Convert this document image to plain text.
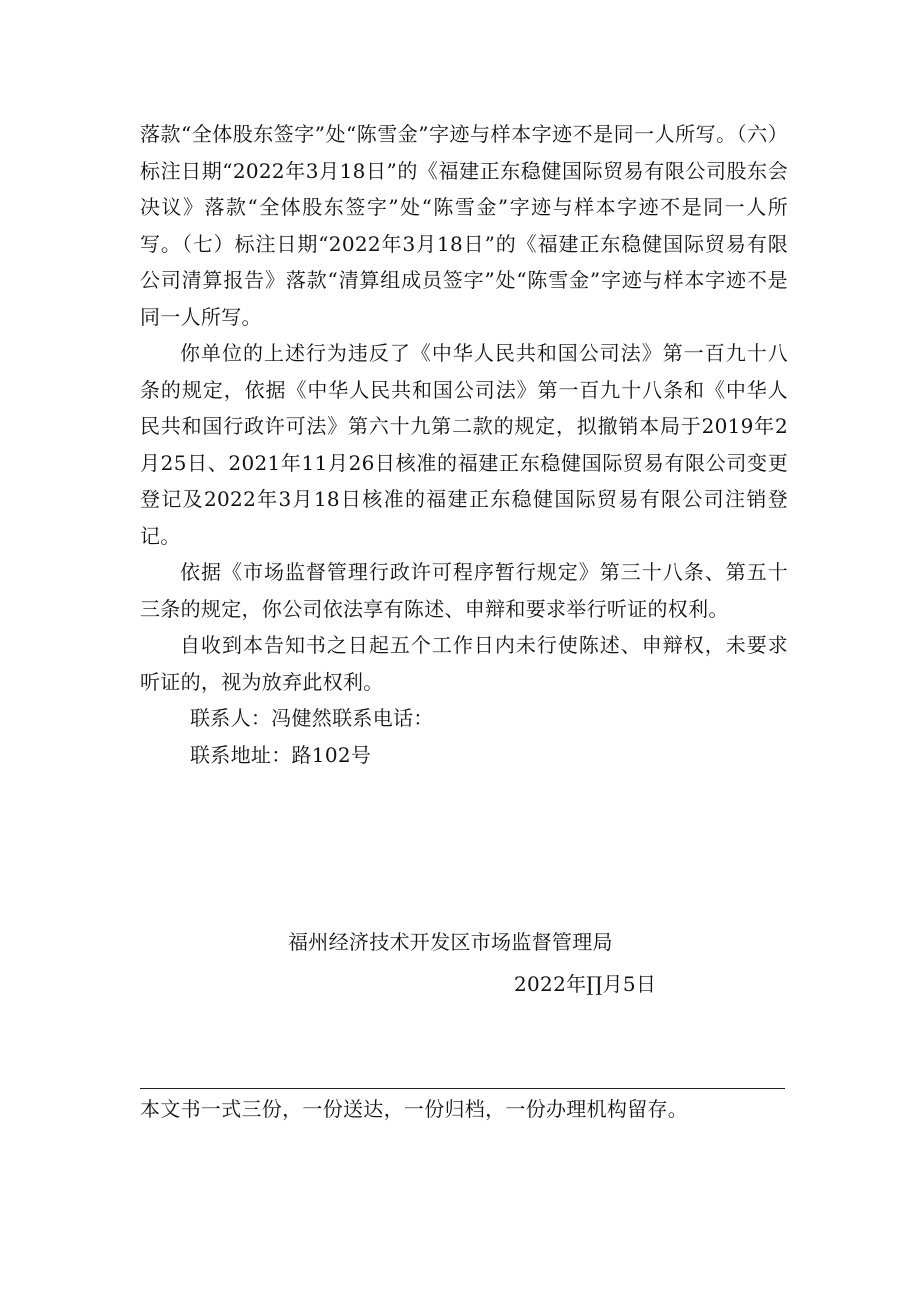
落款“全体股东签字”处“陈雪金”字迹与样本字迹不是同一人所写。（六）标注日期“2022年3月18日”的《福建正东稳健国际贸易有限公司股东会决议》落款“全体股东签字”处“陈雪金”字迹与样本字迹不是同一人所写。（七）标注日期“2022年3月18日”的《福建正东稳健国际贸易有限公司清算报告》落款“清算组成员签字”处“陈雪金”字迹与样本字迹不是同一人所写。

你单位的上述行为违反了《中华人民共和国公司法》第一百九十八条的规定，依据《中华人民共和国公司法》第一百九十八条和《中华人民共和国行政许可法》第六十九第二款的规定，拟撤销本局于2019年2月25日、2021年11月26日核准的福建正东稳健国际贸易有限公司变更登记及2022年3月18日核准的福建正东稳健国际贸易有限公司注销登记。

依据《市场监督管理行政许可程序暂行规定》第三十八条、第五十三条的规定，你公司依法享有陈述、申辩和要求举行听证的权利。

自收到本告知书之日起五个工作日内未行使陈述、申辩权，未要求听证的，视为放弃此权利。

联系人：冯健然联系电话：

联系地址：路102号

福州经济技术开发区市场监督管理局
2022年∏月5日
本文书一式三份，一份送达，一份归档，一份办理机构留存。
